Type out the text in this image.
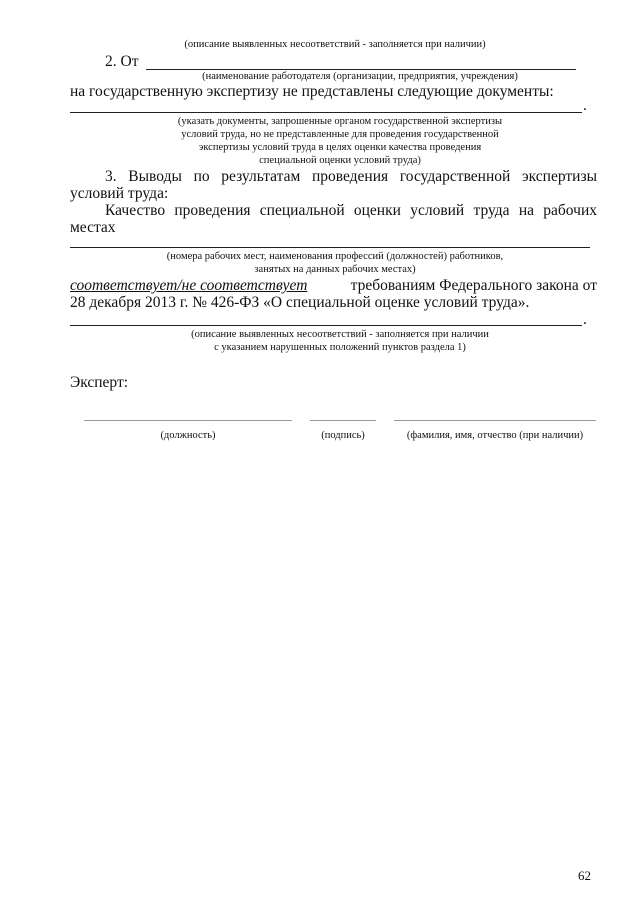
(описание выявленных несоответствий - заполняется при наличии)
2. От
(наименование работодателя (организации, предприятия, учреждения)
на государственную экспертизу не представлены следующие документы:
.
(указать документы, запрошенные органом государственной экспертизы
условий труда, но не представленные для проведения государственной
экспертизы условий труда в целях оценки качества проведения
специальной оценки условий труда)
3. Выводы по результатам проведения государственной экспертизы
условий труда:
Качество проведения специальной оценки условий труда на рабочих
местах
(номера рабочих мест, наименования профессий (должностей) работников,
занятых на данных рабочих местах)
соответствует/не соответствует	требованиям Федерального закона от
28 декабря 2013 г. № 426-ФЗ «О специальной оценке условий труда».
.
(описание выявленных несоответствий - заполняется при наличии
с указанием нарушенных положений пунктов раздела 1)
Эксперт:
(должность)	(подпись)	(фамилия, имя, отчество (при наличии)
62
